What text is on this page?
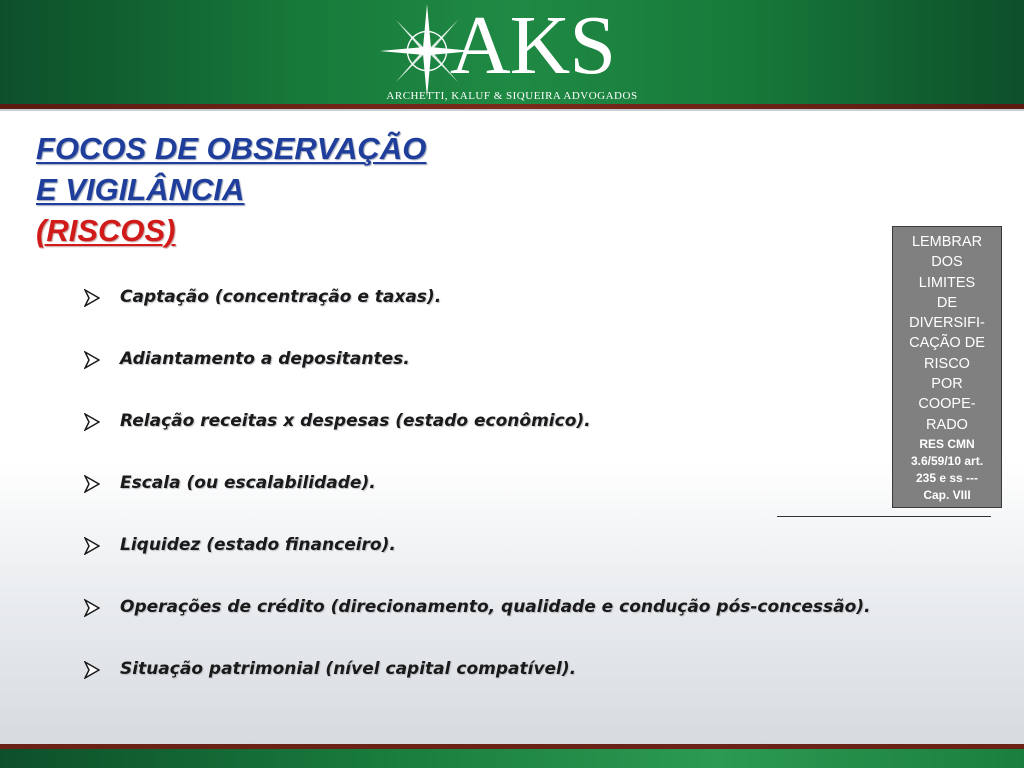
AKS
ARCHETTI, KALUF & SIQUEIRA ADVOGADOS
FOCOS DE OBSERVAÇÃO
E VIGILÂNCIA
(RISCOS)
Captação (concentração e taxas).
Adiantamento a depositantes.
Relação receitas x despesas (estado econômico).
Escala (ou escalabilidade).
Liquidez (estado financeiro).
Operações de crédito (direcionamento, qualidade e condução pós-concessão).
Situação patrimonial (nível capital compatível).
LEMBRAR
DOS
LIMITES
DE
DIVERSIFI-
CAÇÃO DE
RISCO
POR
COOPE-
RADO
RES CMN
3.6/59/10 art.
235 e ss ---
Cap. VIII
